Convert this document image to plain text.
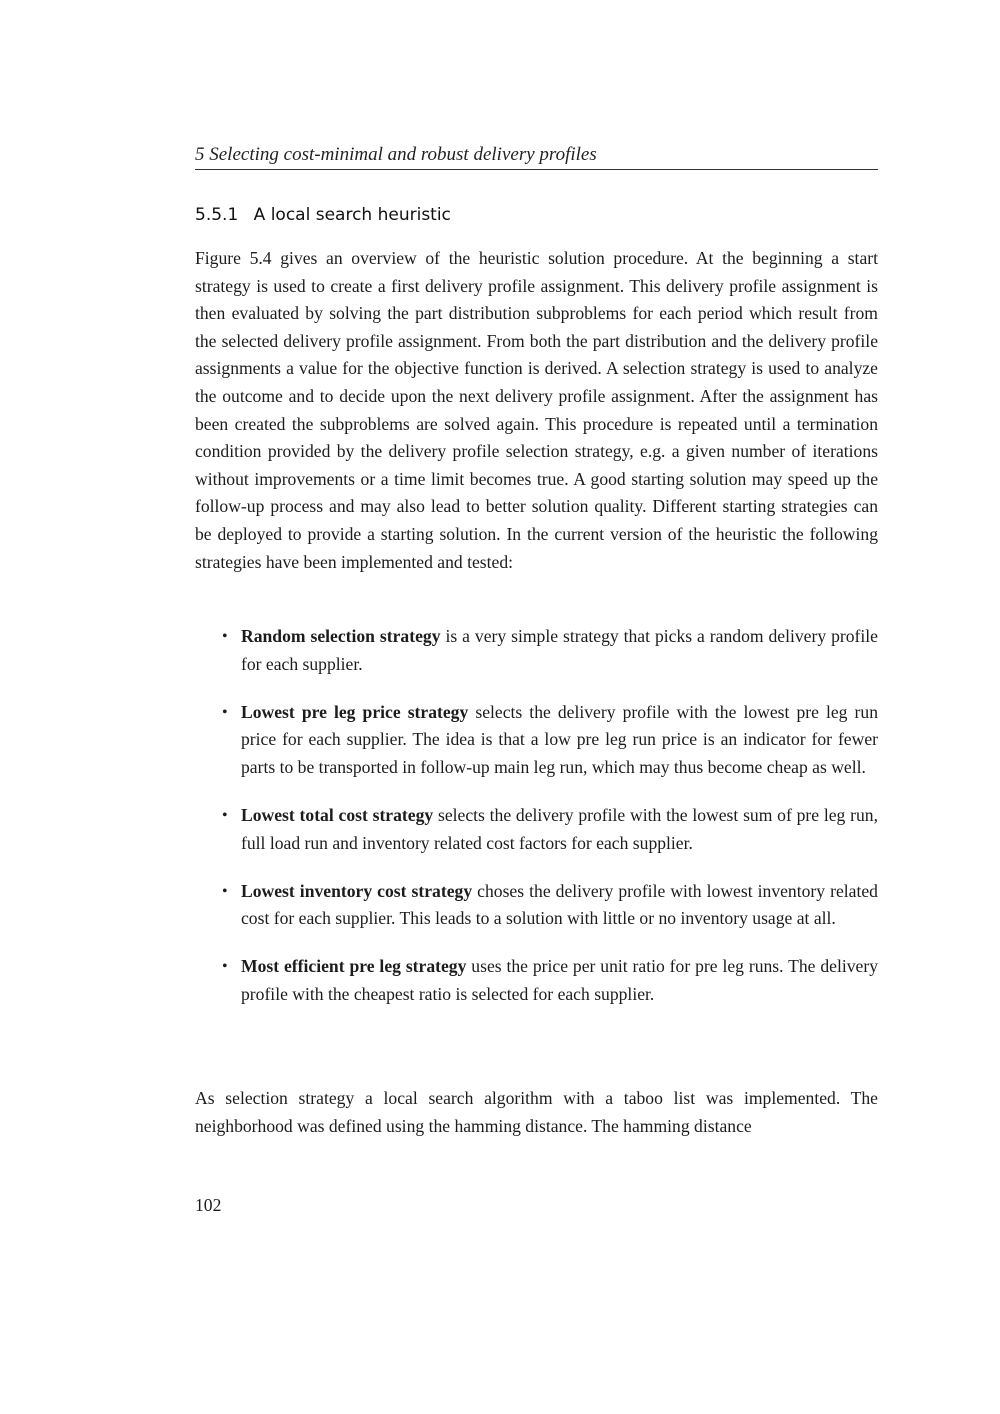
5 Selecting cost-minimal and robust delivery profiles
5.5.1 A local search heuristic

Figure 5.4 gives an overview of the heuristic solution procedure. At the beginning a start strategy is used to create a first delivery profile assignment. This delivery profile assignment is then evaluated by solving the part distribution subproblems for each period which result from the selected delivery profile assignment. From both the part distribution and the delivery profile assignments a value for the objective function is derived. A selection strategy is used to analyze the outcome and to decide upon the next delivery profile assignment. After the assignment has been created the subproblems are solved again. This procedure is repeated until a termination condition provided by the delivery profile selection strategy, e.g. a given number of iterations without improvements or a time limit becomes true. A good starting solution may speed up the follow-up process and may also lead to better solution quality. Different starting strategies can be deployed to provide a starting solution. In the current version of the heuristic the following strategies have been implemented and tested:

• Random selection strategy is a very simple strategy that picks a random delivery profile for each supplier.
• Lowest pre leg price strategy selects the delivery profile with the lowest pre leg run price for each supplier. The idea is that a low pre leg run price is an indicator for fewer parts to be transported in follow-up main leg run, which may thus become cheap as well.
• Lowest total cost strategy selects the delivery profile with the lowest sum of pre leg run, full load run and inventory related cost factors for each supplier.
• Lowest inventory cost strategy choses the delivery profile with lowest inventory related cost for each supplier. This leads to a solution with little or no inventory usage at all.
• Most efficient pre leg strategy uses the price per unit ratio for pre leg runs. The delivery profile with the cheapest ratio is selected for each supplier.

As selection strategy a local search algorithm with a taboo list was implemented. The neighborhood was defined using the hamming distance. The hamming distance

102
